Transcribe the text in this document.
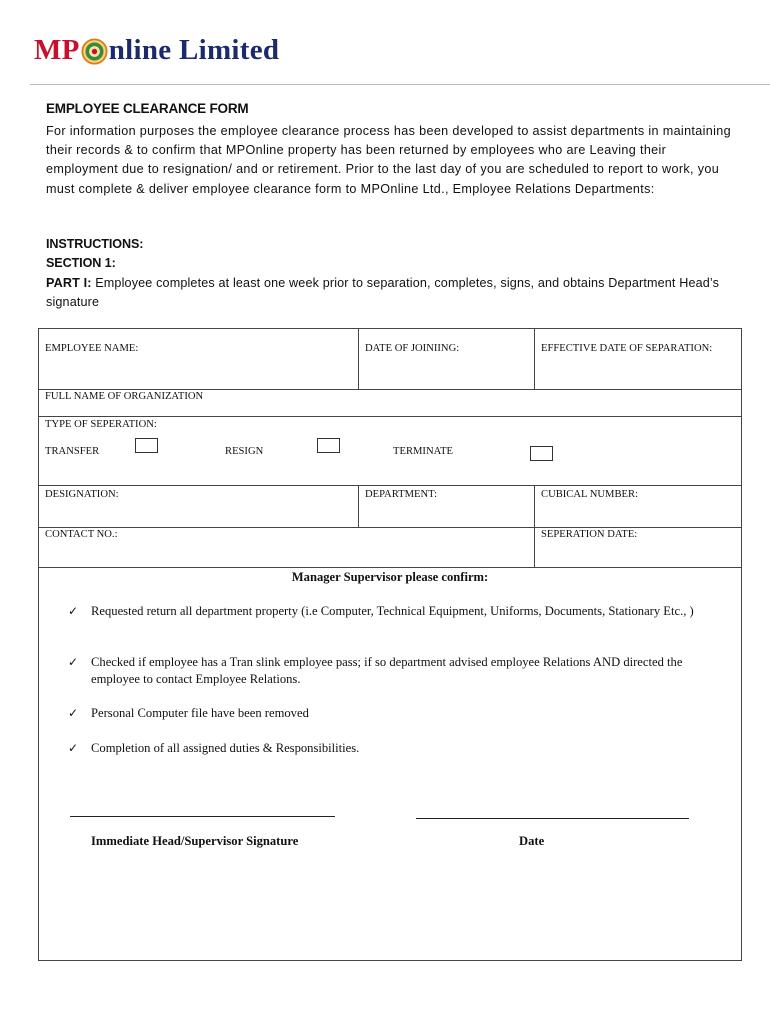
MP nline Limited
EMPLOYEE CLEARANCE FORM
For information purposes the employee clearance process has been developed to assist departments in maintaining their records & to confirm that MPOnline property has been returned by employees who are Leaving their employment due to resignation/ and or retirement. Prior to the last day of you are scheduled to report to work, you must complete & deliver employee clearance form to MPOnline Ltd., Employee Relations Departments:
INSTRUCTIONS:
SECTION 1:
PART I: Employee completes at least one week prior to separation, completes, signs, and obtains Department Head’s signature
EMPLOYEE NAME:	DATE OF JOINIING:	EFFECTIVE DATE OF SEPARATION:
FULL NAME OF ORGANIZATION
TYPE OF SEPERATION:
TRANSFER	RESIGN	TERMINATE
DESIGNATION:	DEPARTMENT:	CUBICAL NUMBER:
CONTACT NO.:	SEPERATION DATE:
Manager Supervisor please confirm:
✓ Requested return all department property (i.e Computer, Technical Equipment, Uniforms, Documents, Stationary Etc., )
✓ Checked if employee has a Tran slink employee pass; if so department advised employee Relations AND directed the employee to contact Employee Relations.
✓ Personal Computer file have been removed
✓ Completion of all assigned duties & Responsibilities.
Immediate Head/Supervisor Signature	Date
